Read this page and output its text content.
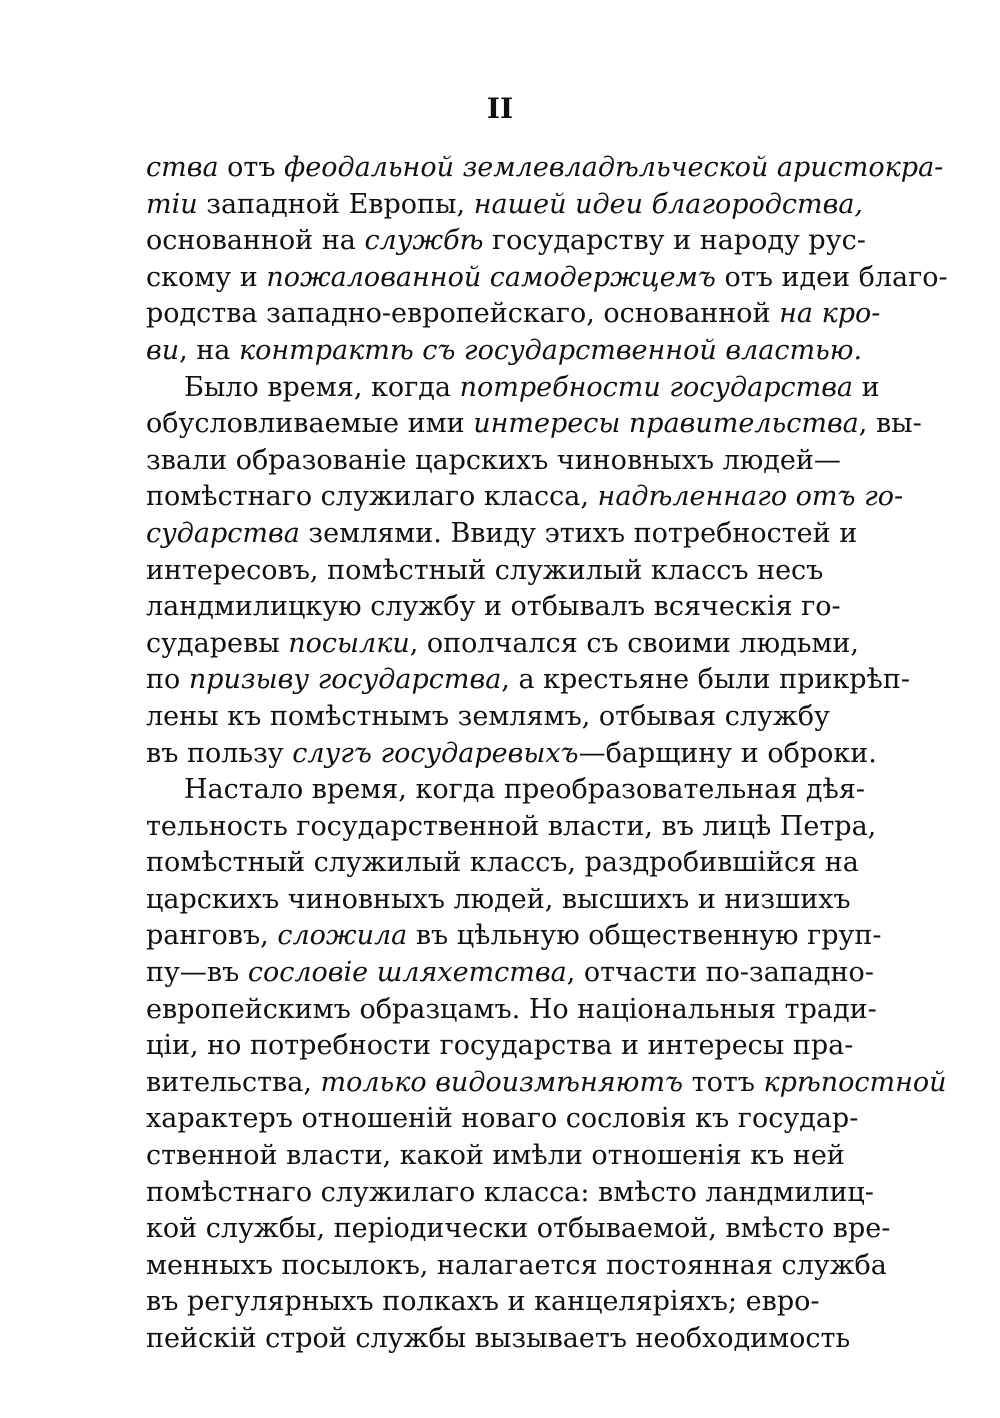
II
ства отъ феодальной землевладѣльческой аристокра-
тіи западной Европы, нашей идеи благородства,
основанной на службѣ государству и народу рус-
скому и пожалованной самодержцемъ отъ идеи благо-
родства западно-европейскаго, основанной на кро-
ви, на контрактѣ съ государственной властью.
Было время, когда потребности государства и
обусловливаемые ими интересы правительства, вы-
звали образованіе царскихъ чиновныхъ людей—
помѣстнаго служилаго класса, надѣленнаго отъ го-
сударства землями. Ввиду этихъ потребностей и
интересовъ, помѣстный служилый классъ несъ
ландмилицкую службу и отбывалъ всяческія го-
сударевы посылки, ополчался съ своими людьми,
по призыву государства, а крестьяне были прикрѣп-
лены къ помѣстнымъ землямъ, отбывая службу
въ пользу слугъ государевыхъ—барщину и оброки.
Настало время, когда преобразовательная дѣя-
тельность государственной власти, въ лицѣ Петра,
помѣстный служилый классъ, раздробившійся на
царскихъ чиновныхъ людей, высшихъ и низшихъ
ранговъ, сложила въ цѣльную общественную груп-
пу—въ сословіе шляхетства, отчасти по-западно-
европейскимъ образцамъ. Но національныя тради-
ціи, но потребности государства и интересы пра-
вительства, только видоизмѣняютъ тотъ крѣпостной
характеръ отношеній новаго сословія къ государ-
ственной власти, какой имѣли отношенія къ ней
помѣстнаго служилаго класса: вмѣсто ландмилиц-
кой службы, періодически отбываемой, вмѣсто вре-
менныхъ посылокъ, налагается постоянная служба
въ регулярныхъ полкахъ и канцеляріяхъ; евро-
пейскій строй службы вызываетъ необходимость
